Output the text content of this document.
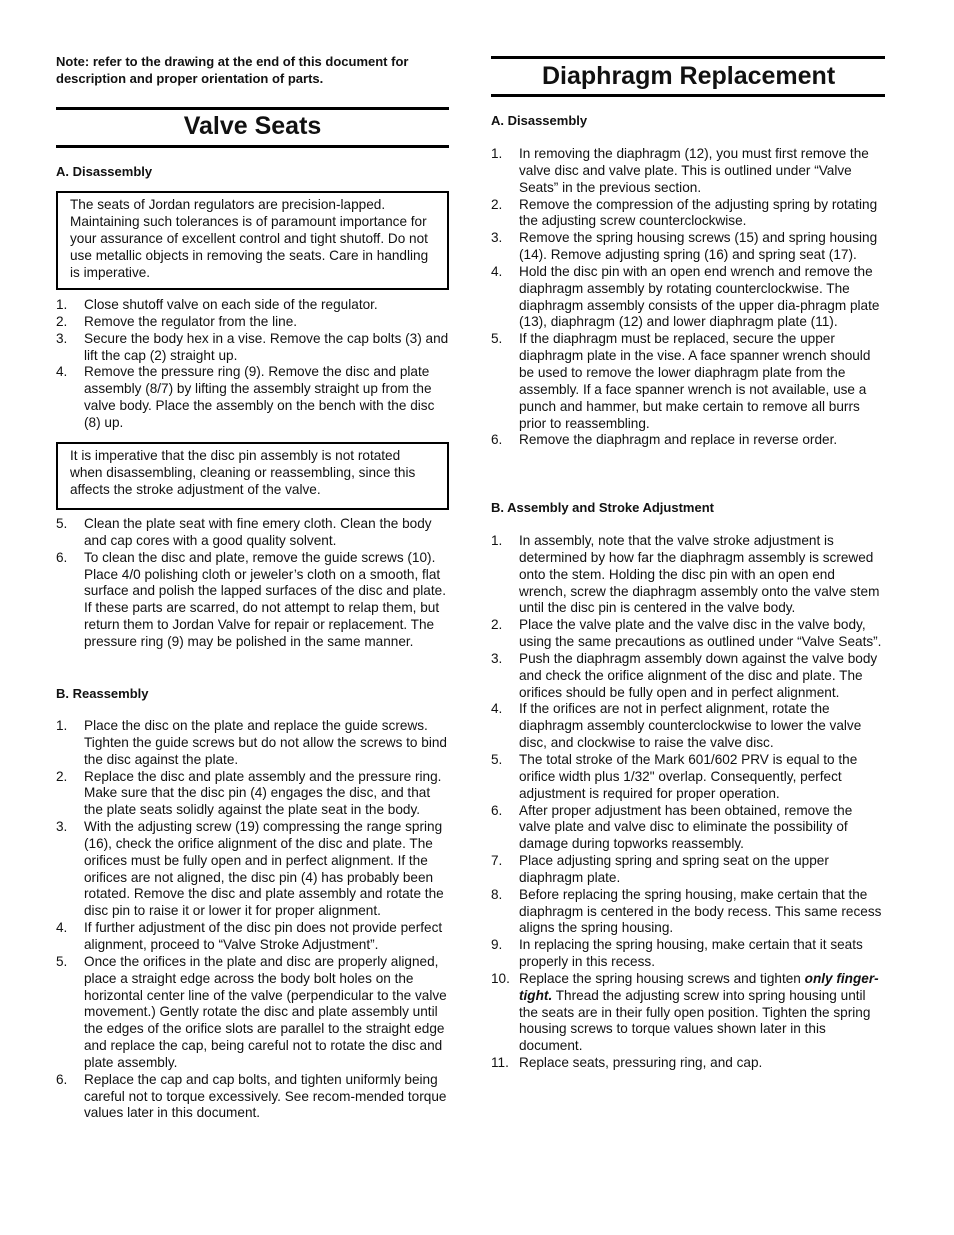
Note: refer to the drawing at the end of this document for description and proper orientation of parts.
Valve Seats
A. Disassembly
The seats of Jordan regulators are precision-lapped. Maintaining such tolerances is of paramount importance for your assurance of excellent control and tight shutoff. Do not use metallic objects in removing the seats. Care in handling is imperative.
1. Close shutoff valve on each side of the regulator.
2. Remove the regulator from the line.
3. Secure the body hex in a vise. Remove the cap bolts (3) and lift the cap (2) straight up.
4. Remove the pressure ring (9). Remove the disc and plate assembly (8/7) by lifting the assembly straight up from the valve body. Place the assembly on the bench with the disc (8) up.
It is imperative that the disc pin assembly is not rotated when disassembling, cleaning or reassembling, since this affects the stroke adjustment of the valve.
5. Clean the plate seat with fine emery cloth. Clean the body and cap cores with a good quality solvent.
6. To clean the disc and plate, remove the guide screws (10). Place 4/0 polishing cloth or jeweler’s cloth on a smooth, flat surface and polish the lapped surfaces of the disc and plate. If these parts are scarred, do not attempt to relap them, but return them to Jordan Valve for repair or replacement. The pressure ring (9) may be polished in the same manner.
B. Reassembly
1. Place the disc on the plate and replace the guide screws. Tighten the guide screws but do not allow the screws to bind the disc against the plate.
2. Replace the disc and plate assembly and the pressure ring. Make sure that the disc pin (4) engages the disc, and that the plate seats solidly against the plate seat in the body.
3. With the adjusting screw (19) compressing the range spring (16), check the orifice alignment of the disc and plate. The orifices must be fully open and in perfect alignment. If the orifices are not aligned, the disc pin (4) has probably been rotated. Remove the disc and plate assembly and rotate the disc pin to raise it or lower it for proper alignment.
4. If further adjustment of the disc pin does not provide perfect alignment, proceed to “Valve Stroke Adjustment”.
5. Once the orifices in the plate and disc are properly aligned, place a straight edge across the body bolt holes on the horizontal center line of the valve (perpendicular to the valve movement.) Gently rotate the disc and plate assembly until the edges of the orifice slots are parallel to the straight edge and replace the cap, being careful not to rotate the disc and plate assembly.
6. Replace the cap and cap bolts, and tighten uniformly being careful not to torque excessively. See recom-mended torque values later in this document.
Diaphragm Replacement
A. Disassembly
1. In removing the diaphragm (12), you must first remove the valve disc and valve plate. This is outlined under “Valve Seats” in the previous section.
2. Remove the compression of the adjusting spring by rotating the adjusting screw counterclockwise.
3. Remove the spring housing screws (15) and spring housing (14). Remove adjusting spring (16) and spring seat (17).
4. Hold the disc pin with an open end wrench and remove the diaphragm assembly by rotating counterclockwise. The diaphragm assembly consists of the upper dia-phragm plate (13), diaphragm (12) and lower diaphragm plate (11).
5. If the diaphragm must be replaced, secure the upper diaphragm plate in the vise. A face spanner wrench should be used to remove the lower diaphragm plate from the assembly. If a face spanner wrench is not available, use a punch and hammer, but make certain to remove all burrs prior to reassembling.
6. Remove the diaphragm and replace in reverse order.
B. Assembly and Stroke Adjustment
1. In assembly, note that the valve stroke adjustment is determined by how far the diaphragm assembly is screwed onto the stem. Holding the disc pin with an open end wrench, screw the diaphragm assembly onto the valve stem until the disc pin is centered in the valve body.
2. Place the valve plate and the valve disc in the valve body, using the same precautions as outlined under “Valve Seats”.
3. Push the diaphragm assembly down against the valve body and check the orifice alignment of the disc and plate. The orifices should be fully open and in perfect alignment.
4. If the orifices are not in perfect alignment, rotate the diaphragm assembly counterclockwise to lower the valve disc, and clockwise to raise the valve disc.
5. The total stroke of the Mark 601/602 PRV is equal to the orifice width plus 1/32" overlap. Consequently, perfect adjustment is required for proper operation.
6. After proper adjustment has been obtained, remove the valve plate and valve disc to eliminate the possibility of damage during topworks reassembly.
7. Place adjusting spring and spring seat on the upper diaphragm plate.
8. Before replacing the spring housing, make certain that the diaphragm is centered in the body recess. This same recess aligns the spring housing.
9. In replacing the spring housing, make certain that it seats properly in this recess.
10. Replace the spring housing screws and tighten only finger-tight. Thread the adjusting screw into spring housing until the seats are in their fully open position. Tighten the spring housing screws to torque values shown later in this document.
11. Replace seats, pressuring ring, and cap.
